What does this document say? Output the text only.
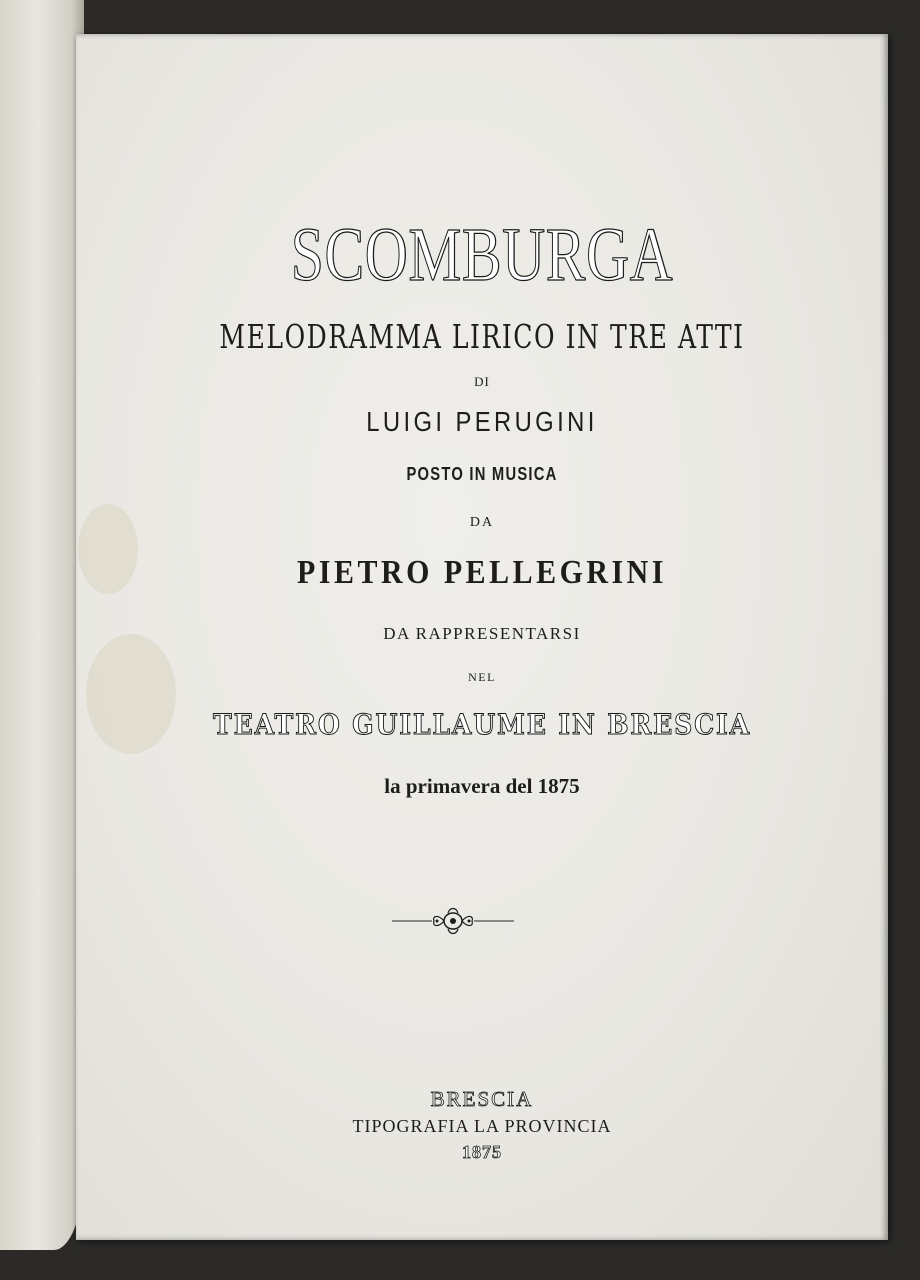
SCOMBURGA
MELODRAMMA LIRICO IN TRE ATTI
DI
LUIGI PERUGINI
POSTO IN MUSICA
DA
PIETRO PELLEGRINI
DA RAPPRESENTARSI
NEL
TEATRO GUILLAUME IN BRESCIA
la primavera del 1875
BRESCIA
TIPOGRAFIA LA PROVINCIA
1875
